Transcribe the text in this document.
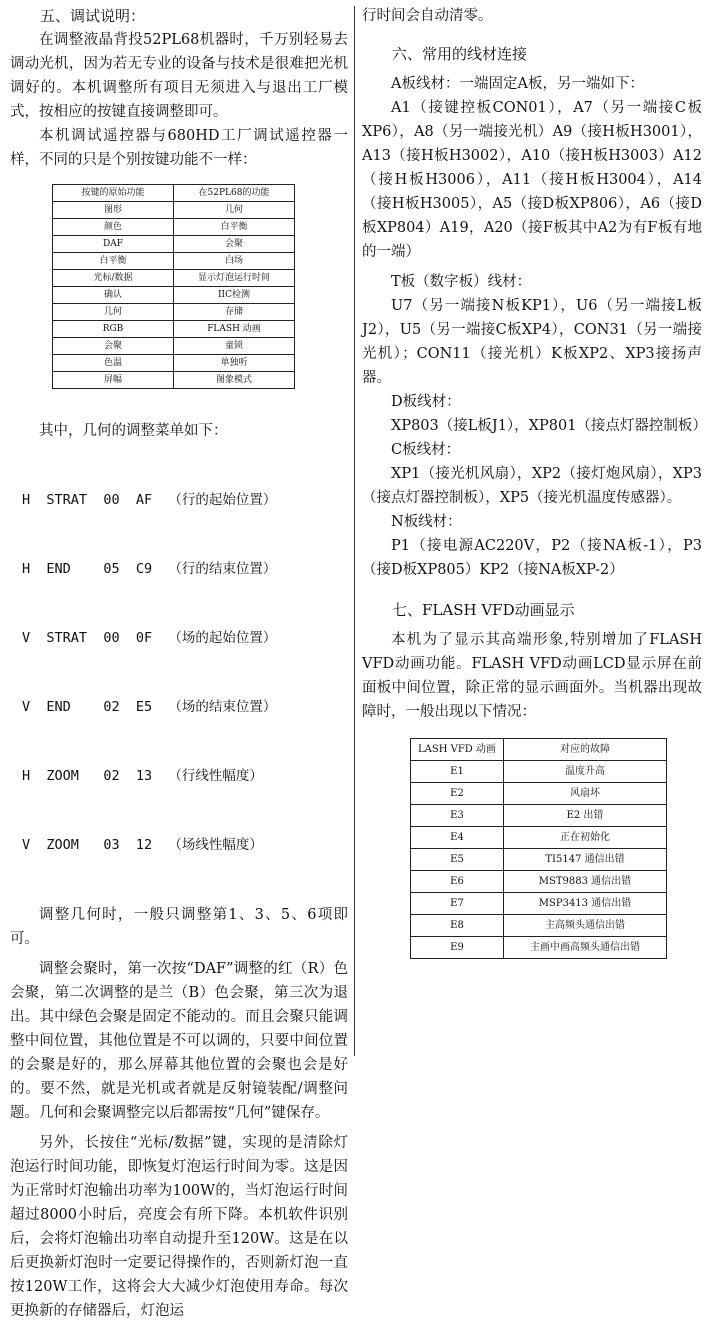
五、调试说明：

在调整液晶背投52PL68机器时，千万别轻易去调动光机，因为若无专业的设备与技术是很难把光机调好的。本机调整所有项目无须进入与退出工厂模式，按相应的按键直接调整即可。

本机调试遥控器与680HD工厂调试遥控器一样，不同的只是个别按键功能不一样：

按键的原始功能	在52PL68的功能
图形	几何
颜色	白平衡
DAF	会聚
白平衡	白场
光标/数据	显示灯泡运行时间
确认	IIC检测
几何	存储
RGB	FLASH 动画
会聚	童锁
色温	单独听
屏幅	图象模式

其中，几何的调整菜单如下：

H STRAT 00 AF （行的起始位置）

H END 05 C9 （行的结束位置）

V STRAT 00 0F （场的起始位置）

V END 02 E5 （场的结束位置）

H ZOOM 02 13 （行线性幅度）

V ZOOM 03 12 （场线性幅度）

调整几何时，一般只调整第1、3、5、6项即可。

调整会聚时，第一次按“DAF”调整的红（R）色会聚，第二次调整的是兰（B）色会聚，第三次为退出。其中绿色会聚是固定不能动的。而且会聚只能调整中间位置，其他位置是不可以调的，只要中间位置的会聚是好的，那么屏幕其他位置的会聚也会是好的。要不然，就是光机或者就是反射镜装配/调整问题。几何和会聚调整完以后都需按“几何”键保存。

另外，长按住“光标/数据”键，实现的是清除灯泡运行时间功能，即恢复灯泡运行时间为零。这是因为正常时灯泡输出功率为100W的，当灯泡运行时间超过8000小时后，亮度会有所下降。本机软件识别后，会将灯泡输出功率自动提升至120W。这是在以后更换新灯泡时一定要记得操作的，否则新灯泡一直按120W工作，这将会大大减少灯泡使用寿命。每次更换新的存储器后，灯泡运

行时间会自动清零。

六、常用的线材连接

A板线材：一端固定A板，另一端如下：

A1（接键控板CON01），A7（另一端接C板XP6），A8（另一端接光机）A9（接H板H3001），A13（接H板H3002），A10（接H板H3003）A12（接H板H3006），A11（接H板H3004），A14（接H板H3005），A5（接D板XP806），A6（接D板XP804）A19，A20（接F板其中A2为有F板有地的一端）

T板（数字板）线材：

U7（另一端接N板KP1），U6（另一端接L板J2），U5（另一端接C板XP4），CON31（另一端接光机）；CON11（接光机）K板XP2、XP3接扬声器。

D板线材：

XP803（接L板J1），XP801（接点灯器控制板）

C板线材：

XP1（接光机风扇），XP2（接灯炮风扇），XP3（接点灯器控制板），XP5（接光机温度传感器）。

N板线材：

P1（接电源AC220V，P2（接NA板-1），P3（接D板XP805）KP2（接NA板XP-2）

七、FLASH VFD动画显示

本机为了显示其高端形象,特别增加了FLASH VFD动画功能。FLASH VFD动画LCD显示屏在前面板中间位置，除正常的显示画面外。当机器出现故障时，一般出现以下情况：

LASH VFD 动画	对应的故障
E1	温度升高
E2	风扇坏
E3	E2 出错
E4	正在初始化
E5	TI5147 通信出错
E6	MST9883 通信出错
E7	MSP3413 通信出错
E8	主高频头通信出错
E9	主画中画高频头通信出错
